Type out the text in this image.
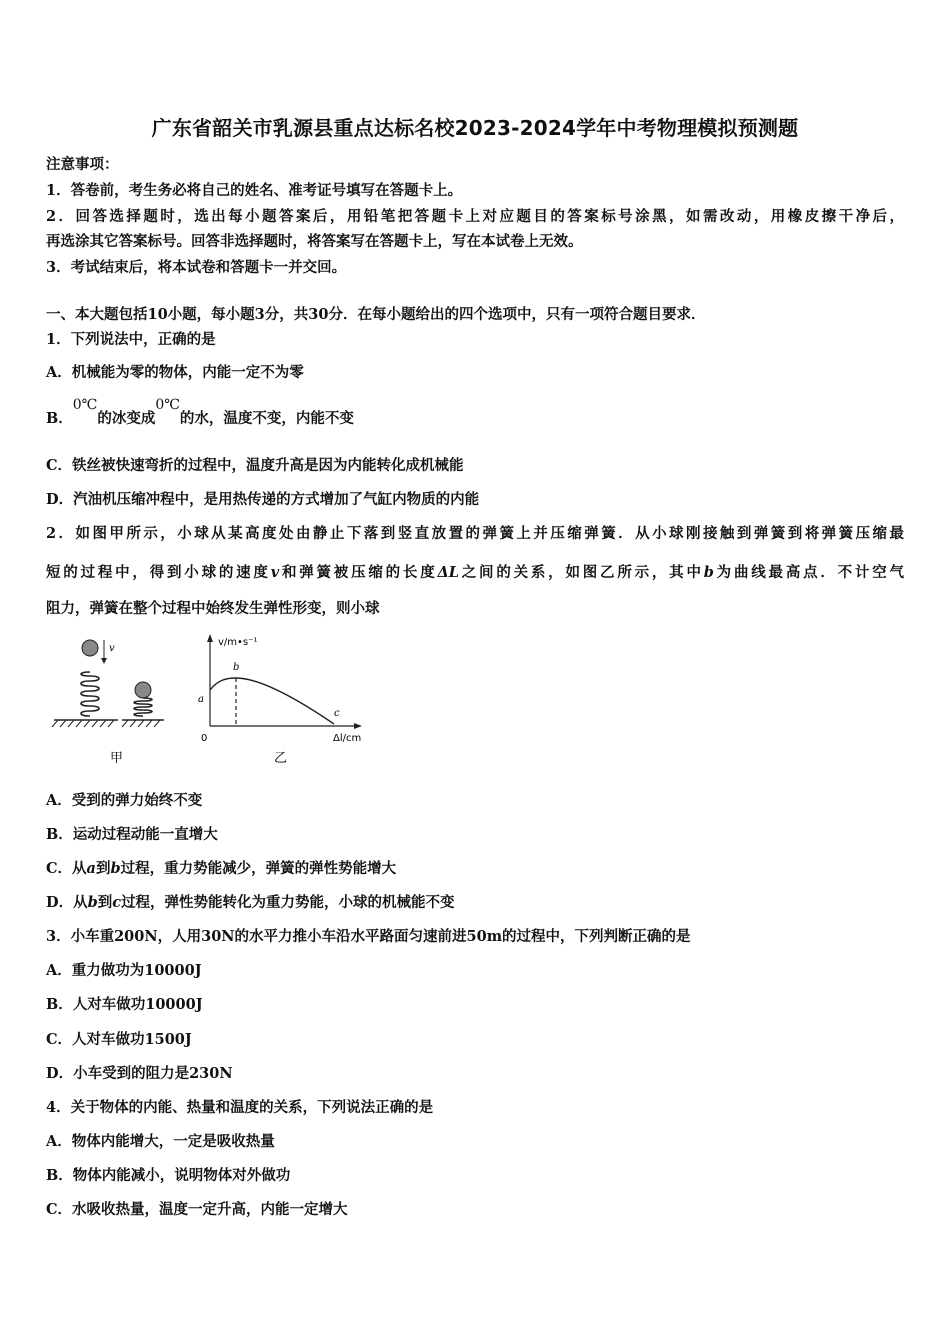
广东省韶关市乳源县重点达标名校2023-2024学年中考物理模拟预测题
注意事项：
1．答卷前，考生务必将自己的姓名、准考证号填写在答题卡上。
2．回答选择题时，选出每小题答案后，用铅笔把答题卡上对应题目的答案标号涂黑，如需改动，用橡皮擦干净后，
再选涂其它答案标号。回答非选择题时，将答案写在答题卡上，写在本试卷上无效。
3．考试结束后，将本试卷和答题卡一并交回。
一、本大题包括10小题，每小题3分，共30分．在每小题给出的四个选项中，只有一项符合题目要求．
1．下列说法中，正确的是
A．机械能为零的物体，内能一定不为零
B．0℃的冰变成0℃的水，温度不变，内能不变
C．铁丝被快速弯折的过程中，温度升高是因为内能转化成机械能
D．汽油机压缩冲程中，是用热传递的方式增加了气缸内物质的内能
2．如图甲所示，小球从某高度处由静止下落到竖直放置的弹簧上并压缩弹簧．从小球刚接触到弹簧到将弹簧压缩最
短的过程中，得到小球的速度v和弹簧被压缩的长度ΔL之间的关系，如图乙所示，其中b为曲线最高点．不计空气
阻力，弹簧在整个过程中始终发生弹性形变，则小球
v
甲
v/m•s⁻¹
Δl/cm
0
a
b
c
乙
A．受到的弹力始终不变
B．运动过程动能一直增大
C．从a到b过程，重力势能减少，弹簧的弹性势能增大
D．从b到c过程，弹性势能转化为重力势能，小球的机械能不变
3．小车重200N，人用30N的水平力推小车沿水平路面匀速前进50m的过程中，下列判断正确的是
A．重力做功为10000J
B．人对车做功10000J
C．人对车做功1500J
D．小车受到的阻力是230N
4．关于物体的内能、热量和温度的关系，下列说法正确的是
A．物体内能增大，一定是吸收热量
B．物体内能减小，说明物体对外做功
C．水吸收热量，温度一定升高，内能一定增大
